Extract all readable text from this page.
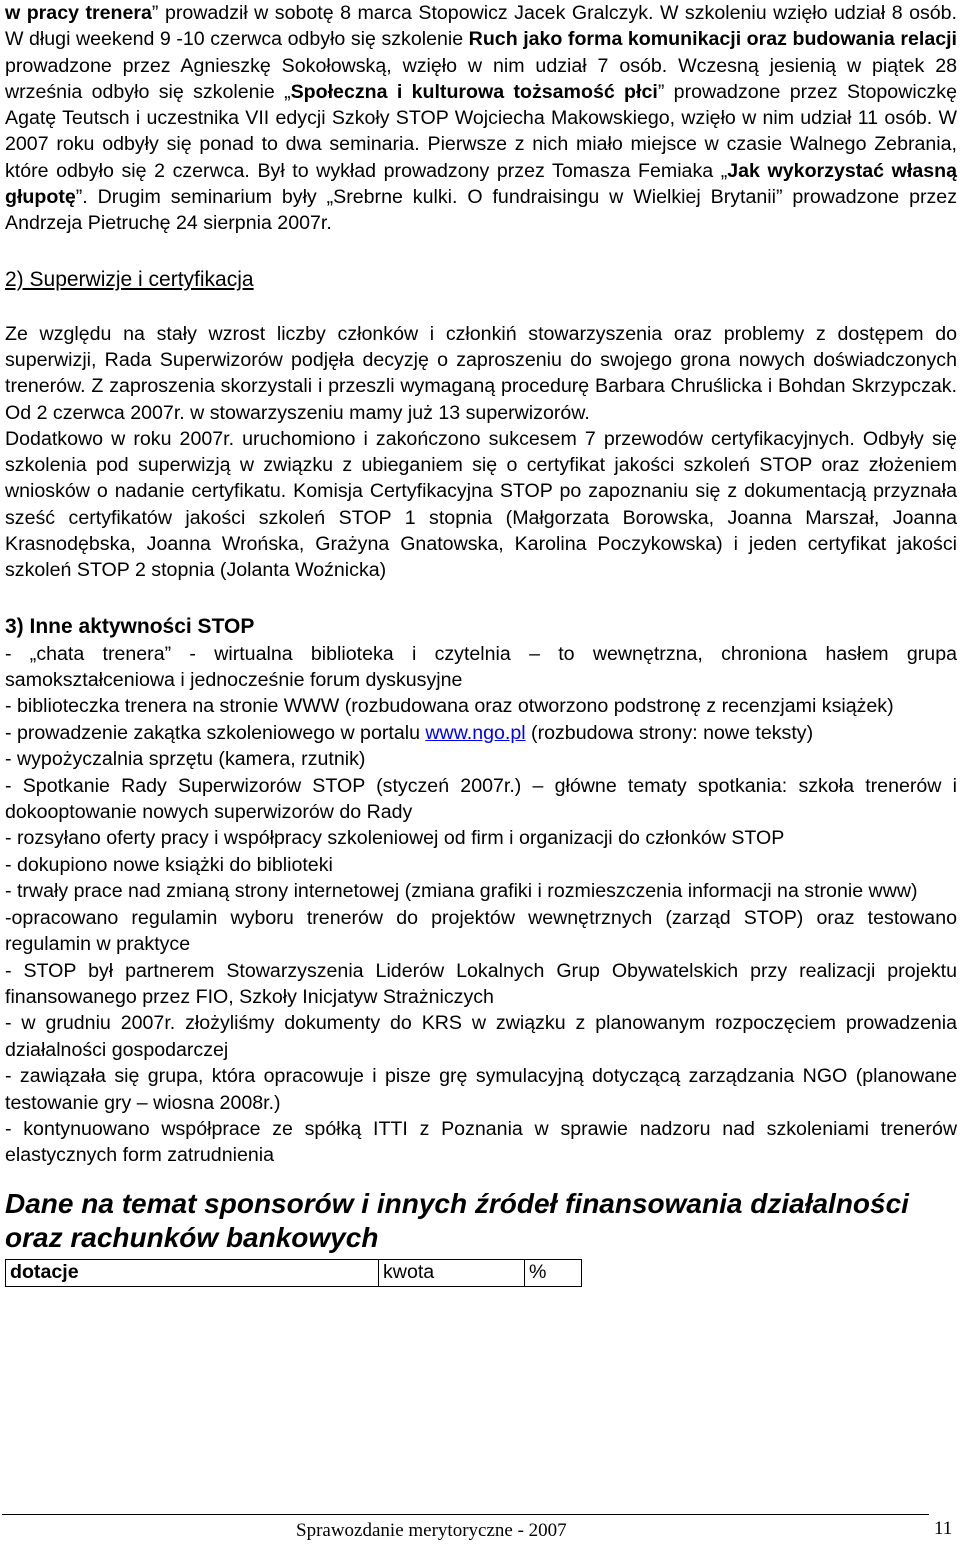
w pracy trenera” prowadził w sobotę 8 marca Stopowicz Jacek Gralczyk. W szkoleniu wzięło udział 8 osób. W długi weekend 9 -10 czerwca odbyło się szkolenie Ruch jako forma komunikacji oraz budowania relacji prowadzone przez Agnieszkę Sokołowską, wzięło w nim udział 7 osób. Wczesną jesienią w piątek 28 września odbyło się szkolenie „Społeczna i kulturowa tożsamość płci” prowadzone przez Stopowiczkę Agatę Teutsch i uczestnika VII edycji Szkoły STOP Wojciecha Makowskiego, wzięło w nim udział 11 osób. W 2007 roku odbyły się ponad to dwa seminaria. Pierwsze z nich miało miejsce w czasie Walnego Zebrania, które odbyło się 2 czerwca. Był to wykład prowadzony przez Tomasza Femiaka „Jak wykorzystać własną głupotę”. Drugim seminarium były „Srebrne kulki. O fundraisingu w Wielkiej Brytanii” prowadzone przez Andrzeja Pietruchę 24 sierpnia 2007r.

2) Superwizje i certyfikacja

Ze względu na stały wzrost liczby członków i członkiń stowarzyszenia oraz problemy z dostępem do superwizji, Rada Superwizorów podjęła decyzję o zaproszeniu do swojego grona nowych doświadczonych trenerów. Z zaproszenia skorzystali i przeszli wymaganą procedurę Barbara Chruślicka i Bohdan Skrzypczak. Od 2 czerwca 2007r. w stowarzyszeniu mamy już 13 superwizorów.

Dodatkowo w roku 2007r. uruchomiono i zakończono sukcesem 7 przewodów certyfikacyjnych. Odbyły się szkolenia pod superwizją w związku z ubieganiem się o certyfikat jakości szkoleń STOP oraz złożeniem wniosków o nadanie certyfikatu. Komisja Certyfikacyjna STOP po zapoznaniu się z dokumentacją przyznała sześć certyfikatów jakości szkoleń STOP 1 stopnia (Małgorzata Borowska, Joanna Marszał, Joanna Krasnodębska, Joanna Wrońska, Grażyna Gnatowska, Karolina Poczykowska) i jeden certyfikat jakości szkoleń STOP 2 stopnia (Jolanta Woźnicka)

3) Inne aktywności STOP

- „chata trenera” - wirtualna biblioteka i czytelnia – to wewnętrzna, chroniona hasłem grupa samokształceniowa i jednocześnie forum dyskusyjne

- biblioteczka trenera na stronie WWW (rozbudowana oraz otworzono podstronę z recenzjami książek)

- prowadzenie zakątka szkoleniowego w portalu www.ngo.pl (rozbudowa strony: nowe teksty)

- wypożyczalnia sprzętu (kamera, rzutnik)

- Spotkanie Rady Superwizorów STOP (styczeń 2007r.) – główne tematy spotkania: szkoła trenerów i dokooptowanie nowych superwizorów do Rady

- rozsyłano oferty pracy i współpracy szkoleniowej od firm i organizacji do członków STOP

- dokupiono nowe książki do biblioteki

- trwały prace nad zmianą strony internetowej (zmiana grafiki i rozmieszczenia informacji na stronie www)

-opracowano regulamin wyboru trenerów do projektów wewnętrznych (zarząd STOP) oraz testowano regulamin w praktyce

- STOP był partnerem Stowarzyszenia Liderów Lokalnych Grup Obywatelskich przy realizacji projektu finansowanego przez FIO, Szkoły Inicjatyw Strażniczych

- w grudniu 2007r. złożyliśmy dokumenty do KRS w związku z planowanym rozpoczęciem prowadzenia działalności gospodarczej

- zawiązała się grupa, która opracowuje i pisze grę symulacyjną dotyczącą zarządzania NGO (planowane testowanie gry – wiosna 2008r.)

- kontynuowano współprace ze spółką ITTI z Poznania w sprawie nadzoru nad szkoleniami trenerów elastycznych form zatrudnienia

Dane na temat sponsorów i innych źródeł finansowania działalności oraz rachunków bankowych

dotacje	kwota	%
Sprawozdanie merytoryczne - 2007	11
